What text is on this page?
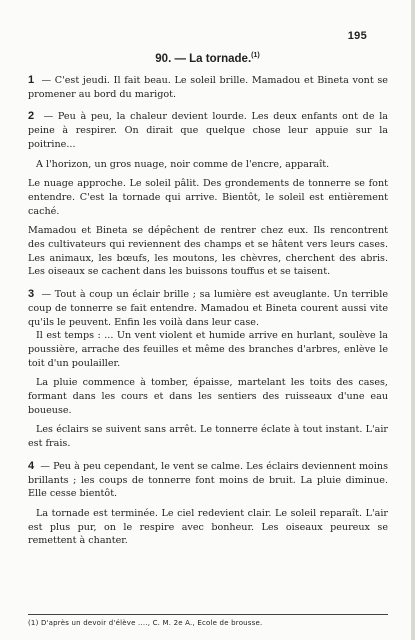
195
90. — La tornade.$^{(1)}$

1 — C'est jeudi. Il fait beau. Le soleil brille. Mamadou et Bineta vont se promener au bord du marigot.

2 — Peu à peu, la chaleur devient lourde. Les deux enfants ont de la peine à respirer. On dirait que quelque chose leur appuie sur la poitrine...

A l'horizon, un gros nuage, noir comme de l'encre, apparaît.

Le nuage approche. Le soleil pâlit. Des grondements de tonnerre se font entendre. C'est la tornade qui arrive. Bientôt, le soleil est entièrement caché.

Mamadou et Bineta se dépêchent de rentrer chez eux. Ils rencontrent des cultivateurs qui reviennent des champs et se hâtent vers leurs cases. Les animaux, les bœufs, les moutons, les chèvres, cherchent des abris. Les oiseaux se cachent dans les buissons touffus et se taisent.

3 — Tout à coup un éclair brille ; sa lumière est aveuglante. Un terrible coup de tonnerre se fait entendre. Mamadou et Bineta courent aussi vite qu'ils le peuvent. Enfin les voilà dans leur case.

Il est temps : ... Un vent violent et humide arrive en hurlant, soulève la poussière, arrache des feuilles et même des branches d'arbres, enlève le toit d'un poulailler.

La pluie commence à tomber, épaisse, martelant les toits des cases, formant dans les cours et dans les sentiers des ruisseaux d'une eau boueuse.

Les éclairs se suivent sans arrêt. Le tonnerre éclate à tout instant. L'air est frais.

4 — Peu à peu cependant, le vent se calme. Les éclairs deviennent moins brillants ; les coups de tonnerre font moins de bruit. La pluie diminue. Elle cesse bientôt.

La tornade est terminée. Le ciel redevient clair. Le soleil reparaît. L'air est plus pur, on le respire avec bonheur. Les oiseaux peureux se remettent à chanter.

(1) D'après un devoir d'élève ...., C. M. 2e A., Ecole de brousse.
